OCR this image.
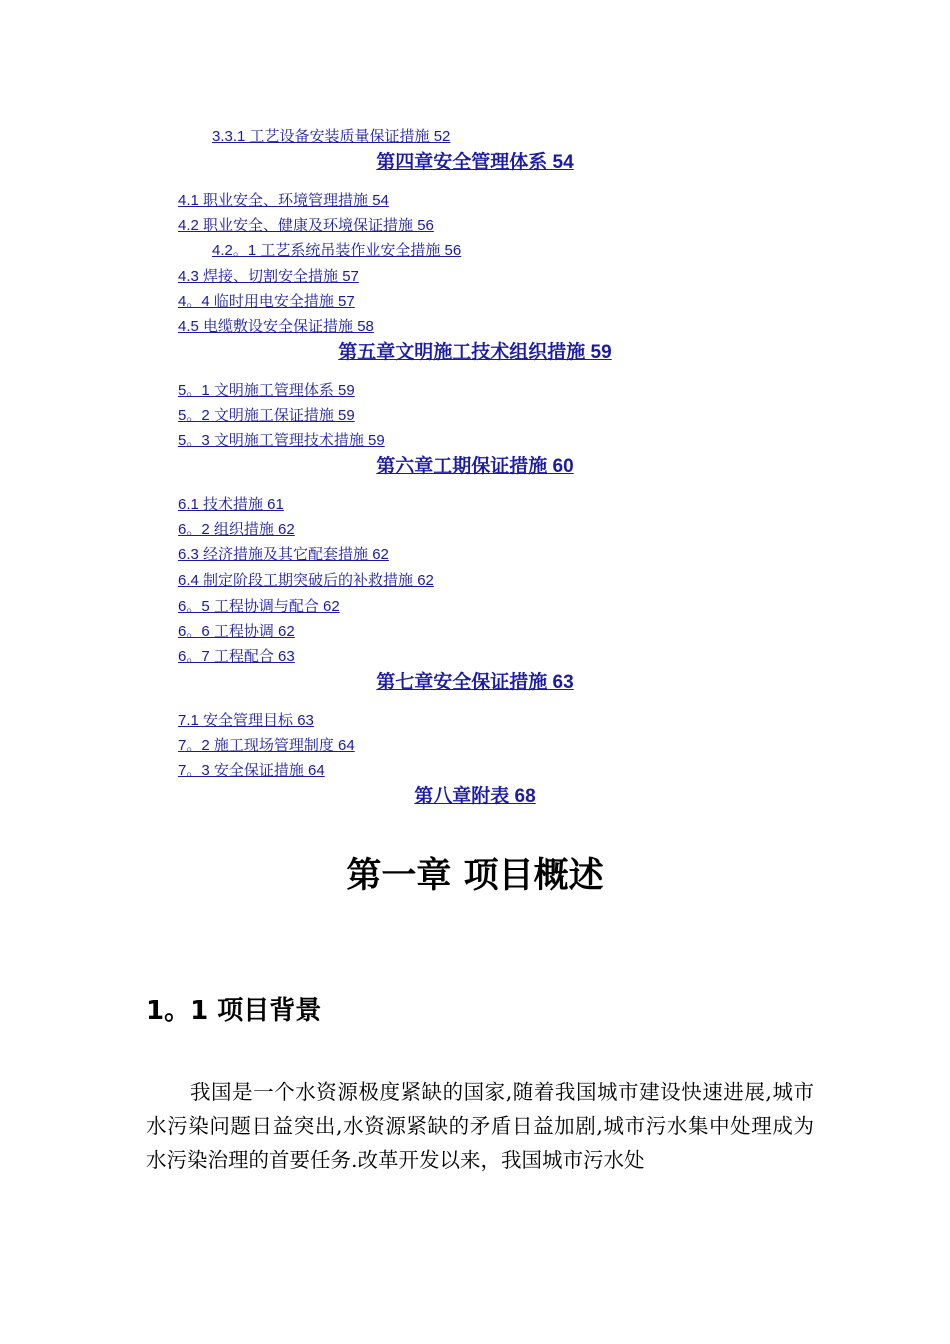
3.3.1 工艺设备安装质量保证措施 52
第四章安全管理体系 54
4.1 职业安全、环境管理措施 54
4.2 职业安全、健康及环境保证措施 56
4.2。1 工艺系统吊装作业安全措施 56
4.3 焊接、切割安全措施 57
4。4 临时用电安全措施 57
4.5 电缆敷设安全保证措施 58
第五章文明施工技术组织措施 59
5。1 文明施工管理体系 59
5。2 文明施工保证措施 59
5。3 文明施工管理技术措施 59
第六章工期保证措施 60
6.1 技术措施 61
6。2 组织措施 62
6.3 经济措施及其它配套措施 62
6.4 制定阶段工期突破后的补救措施 62
6。5 工程协调与配合 62
6。6 工程协调 62
6。7 工程配合 63
第七章安全保证措施 63
7.1 安全管理目标 63
7。2 施工现场管理制度 64
7。3 安全保证措施 64
第八章附表 68
第一章 项目概述
1。1 项目背景

我国是一个水资源极度紧缺的国家,随着我国城市建设快速进展,城市水污染问题日益突出,水资源紧缺的矛盾日益加剧,城市污水集中处理成为水污染治理的首要任务.改革开发以来，我国城市污水处
